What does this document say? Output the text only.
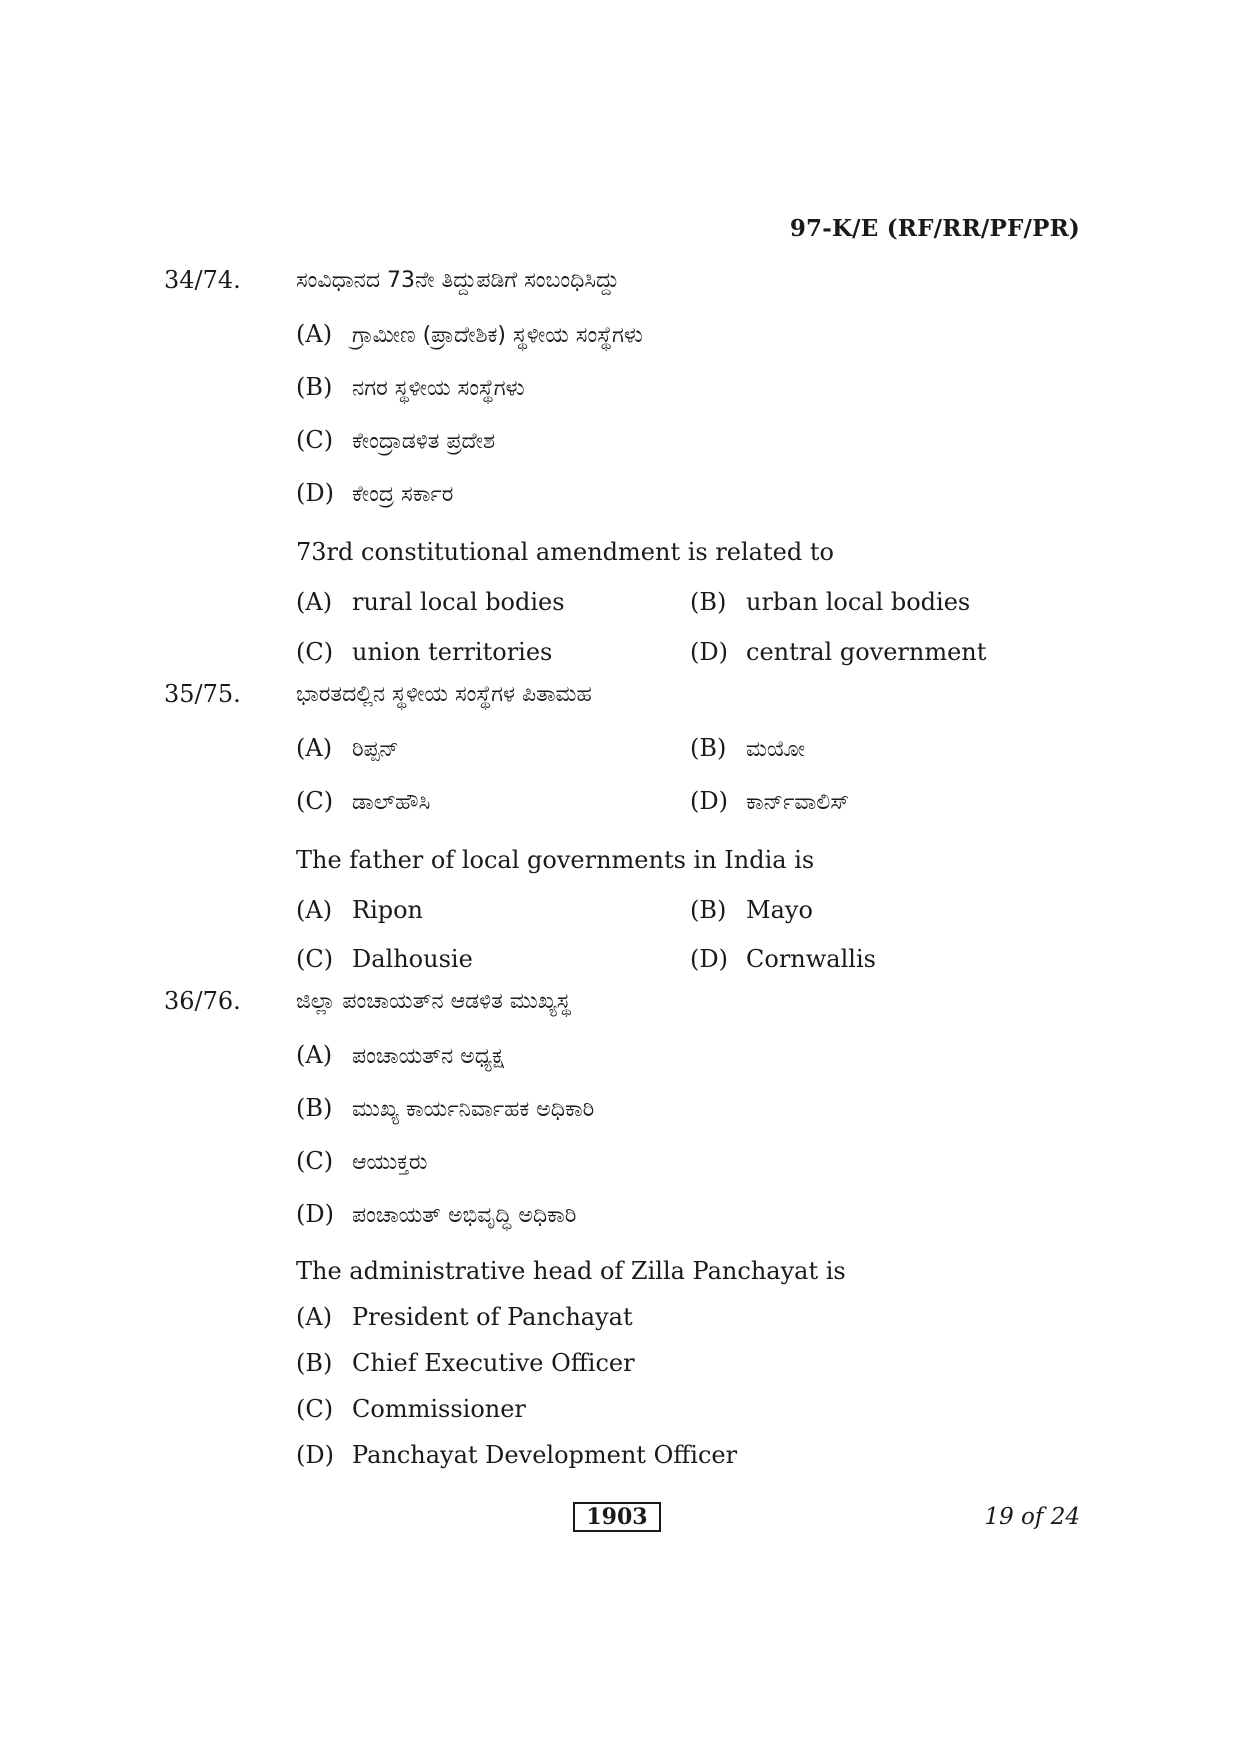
97-K/E (RF/RR/PF/PR)
34/74.	ಸಂವಿಧಾನದ 73ನೇ ತಿದ್ದುಪಡಿಗೆ ಸಂಬಂಧಿಸಿದ್ದು
(A) ಗ್ರಾಮೀಣ (ಪ್ರಾದೇಶಿಕ) ಸ್ಥಳೀಯ ಸಂಸ್ಥೆಗಳು
(B) ನಗರ ಸ್ಥಳೀಯ ಸಂಸ್ಥೆಗಳು
(C) ಕೇಂದ್ರಾಡಳಿತ ಪ್ರದೇಶ
(D) ಕೇಂದ್ರ ಸರ್ಕಾರ
73rd constitutional amendment is related to
(A) rural local bodies	(B) urban local bodies
(C) union territories	(D) central government
35/75.	ಭಾರತದಲ್ಲಿನ ಸ್ಥಳೀಯ ಸಂಸ್ಥೆಗಳ ಪಿತಾಮಹ
(A) ರಿಪ್ಪನ್	(B) ಮಯೋ
(C) ಡಾಲ್‌ಹೌಸಿ	(D) ಕಾರ್ನ್‌ವಾಲಿಸ್
The father of local governments in India is
(A) Ripon	(B) Mayo
(C) Dalhousie	(D) Cornwallis
36/76.	ಜಿಲ್ಲಾ ಪಂಚಾಯತ್‌ನ ಆಡಳಿತ ಮುಖ್ಯಸ್ಥ
(A) ಪಂಚಾಯತ್‌ನ ಅಧ್ಯಕ್ಷ
(B) ಮುಖ್ಯ ಕಾರ್ಯನಿರ್ವಾಹಕ ಅಧಿಕಾರಿ
(C) ಆಯುಕ್ತರು
(D) ಪಂಚಾಯತ್ ಅಭಿವೃದ್ಧಿ ಅಧಿಕಾರಿ
The administrative head of Zilla Panchayat is
(A) President of Panchayat
(B) Chief Executive Officer
(C) Commissioner
(D) Panchayat Development Officer
1903	19 of 24
